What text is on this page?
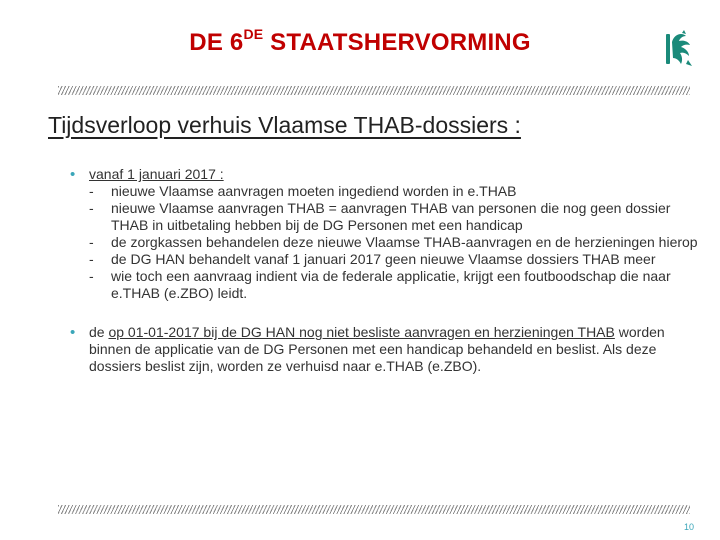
DE 6DE STAATSHERVORMING
Tijdsverloop verhuis Vlaamse THAB-dossiers :
• vanaf 1 januari 2017 :
- nieuwe Vlaamse aanvragen moeten ingediend worden in e.THAB
- nieuwe Vlaamse aanvragen THAB = aanvragen THAB van personen die nog geen dossier THAB in uitbetaling hebben bij de DG Personen met een handicap
- de zorgkassen behandelen deze nieuwe Vlaamse THAB-aanvragen en de herzieningen hierop
- de DG HAN behandelt vanaf 1 januari 2017 geen nieuwe Vlaamse dossiers THAB meer
- wie toch een aanvraag indient via de federale applicatie, krijgt een foutboodschap die naar e.THAB (e.ZBO) leidt.
• de op 01-01-2017 bij de DG HAN nog niet besliste aanvragen en herzieningen THAB worden binnen de applicatie van de DG Personen met een handicap behandeld en beslist. Als deze dossiers beslist zijn, worden ze verhuisd naar e.THAB (e.ZBO).
10
